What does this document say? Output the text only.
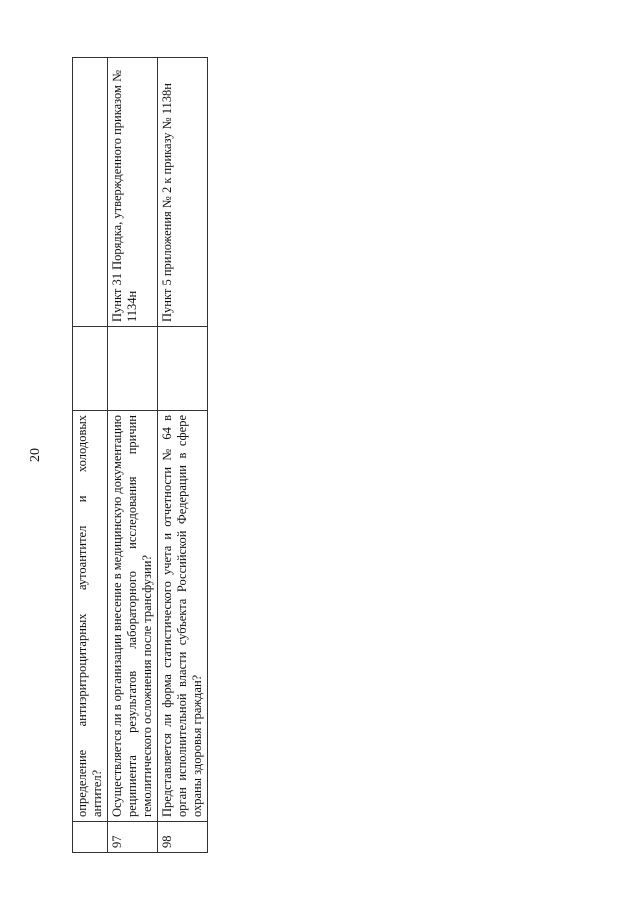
20

	определение антиэритроцитарных аутоантител и холодовых антител?		
97	Осуществляется ли в организации внесение в медицинскую документацию реципиента результатов лабораторного исследования причин гемолитического осложнения после трансфузии?		Пункт 31 Порядка, утвержденного приказом № 1134н
98	Представляется ли форма статистического учета и отчетности № 64 в орган исполнительной власти субъекта Российской Федерации в сфере охраны здоровья граждан?		Пункт 5 приложения № 2 к приказу № 1138н
